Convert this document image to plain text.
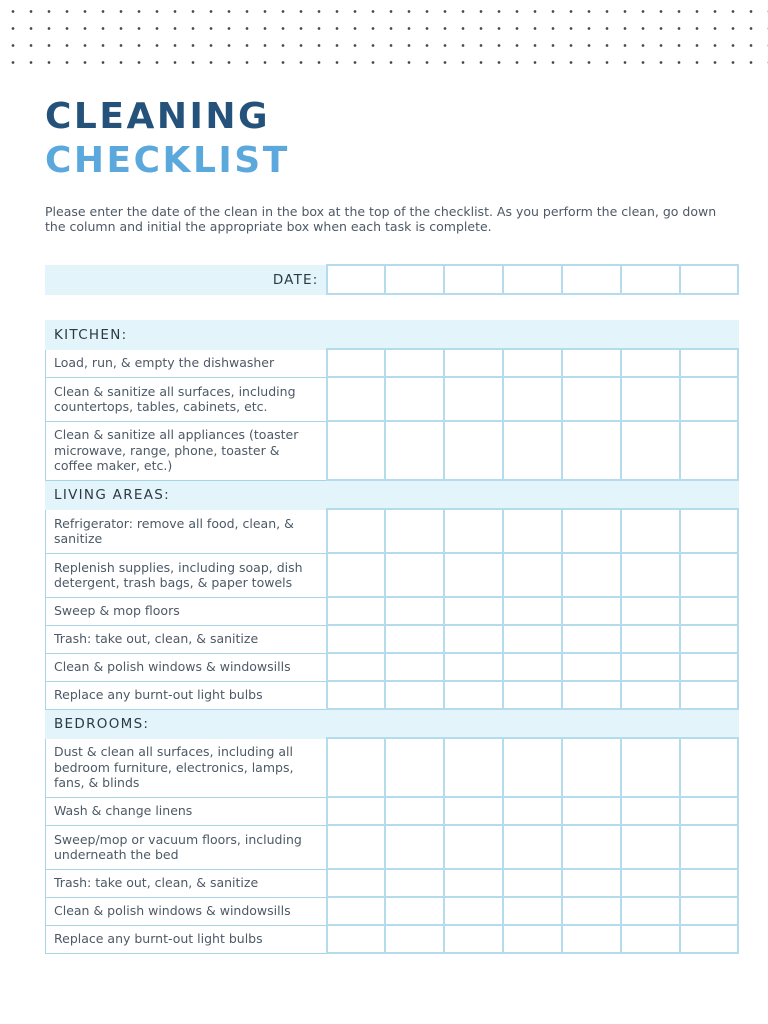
CLEANING
CHECKLIST

Please enter the date of the clean in the box at the top of the checklist. As you perform the clean, go down the column and initial the appropriate box when each task is complete.

DATE:							
KITCHEN:							
Load, run, & empty the dishwasher							
Clean & sanitize all surfaces, including countertops, tables, cabinets, etc.							
Clean & sanitize all appliances (toaster microwave, range, phone, toaster & coffee maker, etc.)							
LIVING AREAS:							
Refrigerator: remove all food, clean, & sanitize							
Replenish supplies, including soap, dish detergent, trash bags, & paper towels							
Sweep & mop floors							
Trash: take out, clean, & sanitize							
Clean & polish windows & windowsills							
Replace any burnt-out light bulbs							
BEDROOMS:							
Dust & clean all surfaces, including all bedroom furniture, electronics, lamps, fans, & blinds							
Wash & change linens							
Sweep/mop or vacuum floors, including underneath the bed							
Trash: take out, clean, & sanitize							
Clean & polish windows & windowsills							
Replace any burnt-out light bulbs							
